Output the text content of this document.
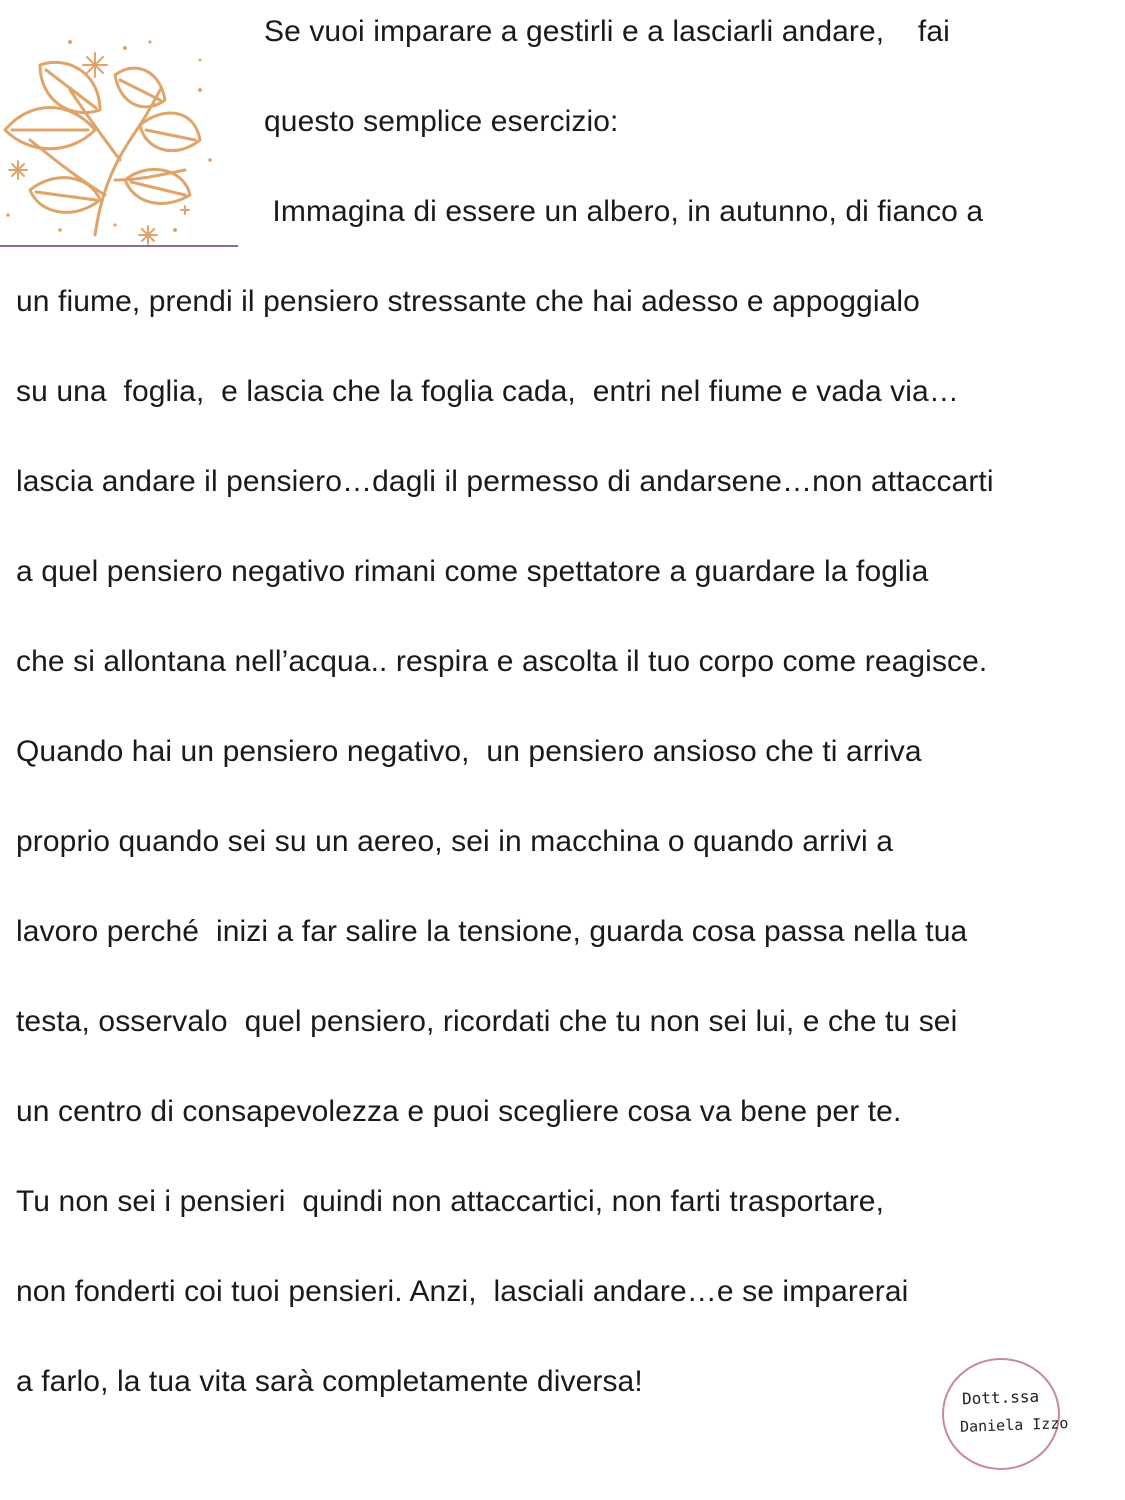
Se vuoi imparare a gestirli e a lasciarli andare,    fai

questo semplice esercizio:

Immagina di essere un albero, in autunno, di fianco a

un fiume, prendi il pensiero stressante che hai adesso e appoggialo

su una  foglia,  e lascia che la foglia cada,  entri nel fiume e vada via…

lascia andare il pensiero…dagli il permesso di andarsene…non attaccarti

a quel pensiero negativo rimani come spettatore a guardare la foglia

che si allontana nell’acqua.. respira e ascolta il tuo corpo come reagisce.

Quando hai un pensiero negativo,  un pensiero ansioso che ti arriva

proprio quando sei su un aereo, sei in macchina o quando arrivi a

lavoro perché  inizi a far salire la tensione, guarda cosa passa nella tua

testa, osservalo  quel pensiero, ricordati che tu non sei lui, e che tu sei

un centro di consapevolezza e puoi scegliere cosa va bene per te.

Tu non sei i pensieri  quindi non attaccartici, non farti trasportare,

non fonderti coi tuoi pensieri. Anzi,  lasciali andare…e se imparerai

a farlo, la tua vita sarà completamente diversa!	Dott.ssa
Daniela Izzo
